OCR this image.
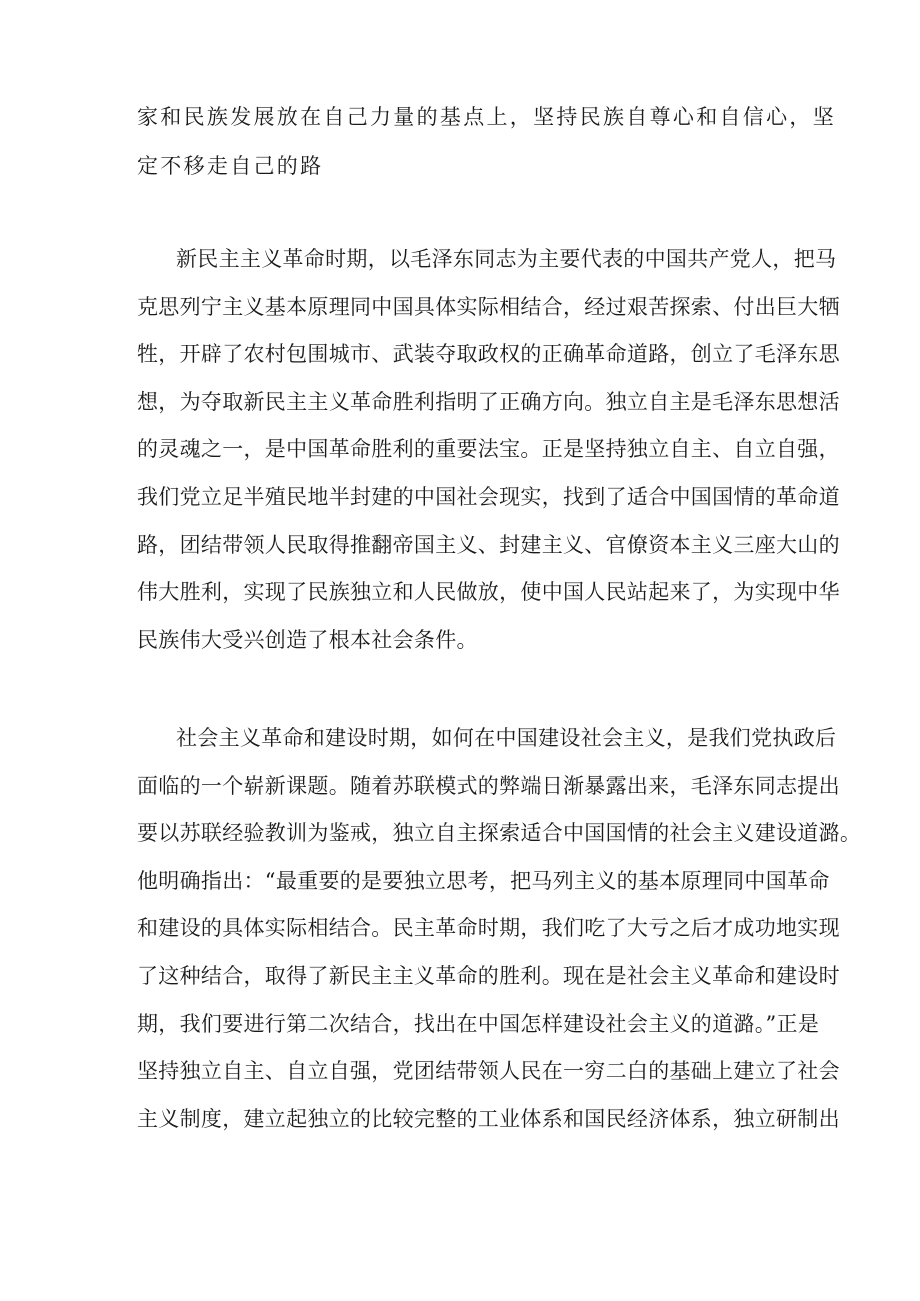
家和民族发展放在自己力量的基点上，坚持民族自尊心和自信心，坚
定不移走自己的路
新民主主义革命时期，以毛泽东同志为主要代表的中国共产党人，把马
克思列宁主义基本原理同中国具体实际相结合，经过艰苦探索、付出巨大牺
牲，开辟了农村包围城市、武装夺取政权的正确革命道路，创立了毛泽东思
想，为夺取新民主主义革命胜利指明了正确方向。独立自主是毛泽东思想活
的灵魂之一，是中国革命胜利的重要法宝。正是坚持独立自主、自立自强，
我们党立足半殖民地半封建的中国社会现实，找到了适合中国国情的革命道
路，团结带领人民取得推翻帝国主义、封建主义、官僚资本主义三座大山的
伟大胜利，实现了民族独立和人民做放，使中国人民站起来了，为实现中华
民族伟大受兴创造了根本社会条件。
社会主义革命和建设时期，如何在中国建设社会主义，是我们党执政后
面临的一个崭新课题。随着苏联模式的弊端日渐暴露出来，毛泽东同志提出
要以苏联经验教训为鉴戒，独立自主探索适合中国国情的社会主义建设道潞。
他明确指出：“最重要的是要独立思考，把马列主义的基本原理同中国革命
和建设的具体实际相结合。民主革命时期，我们吃了大亏之后才成功地实现
了这种结合，取得了新民主主义革命的胜利。现在是社会主义革命和建设时
期，我们要进行第二次结合，找出在中国怎样建设社会主义的道潞。”正是
坚持独立自主、自立自强，党团结带领人民在一穷二白的基础上建立了社会
主义制度，建立起独立的比较完整的工业体系和国民经济体系，独立研制出
